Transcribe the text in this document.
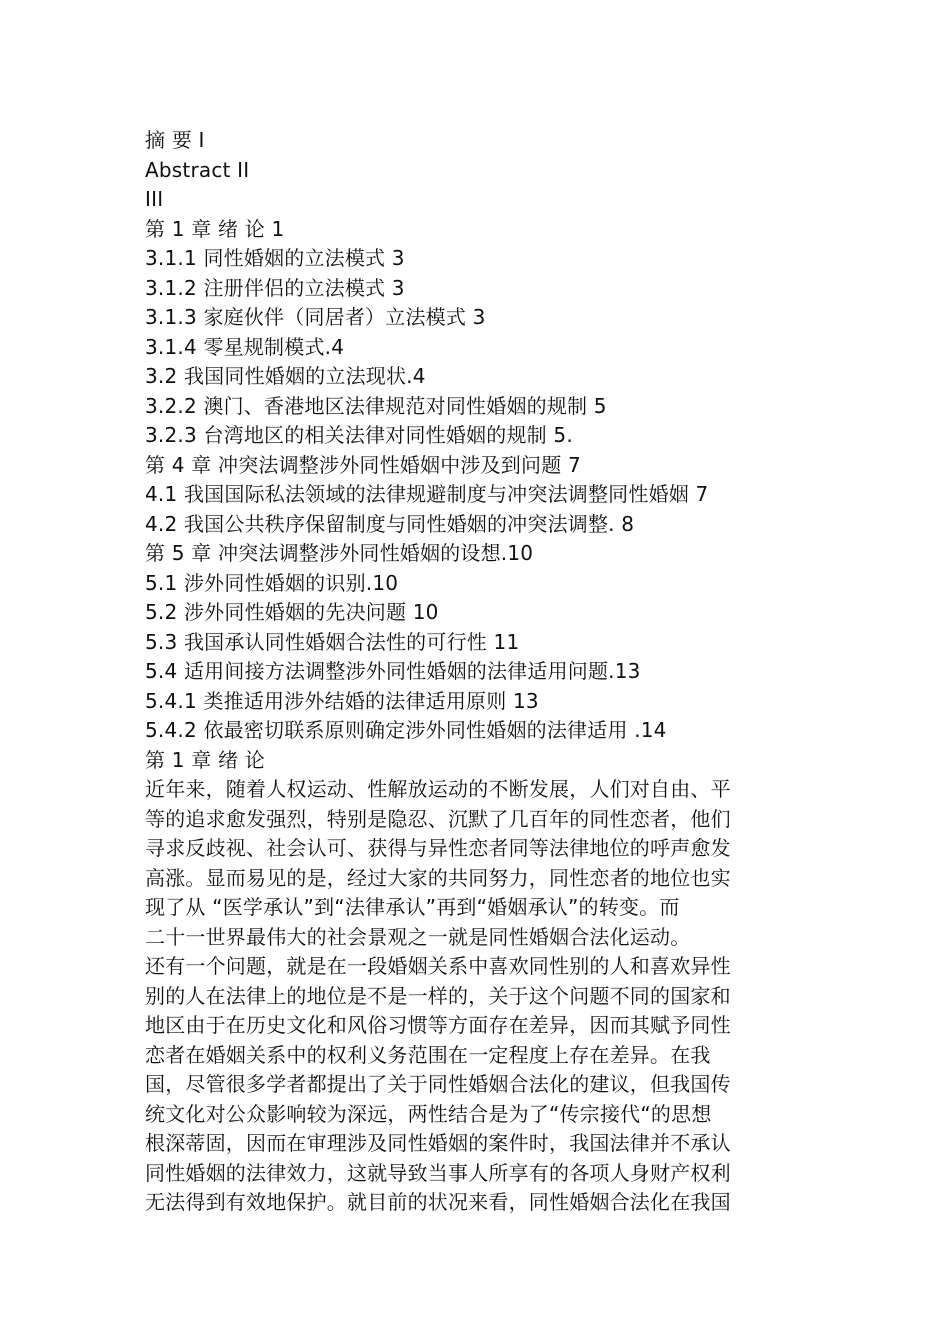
摘 要 I
Abstract II
III
第 1 章 绪 论 1
3.1.1 同性婚姻的立法模式 3
3.1.2 注册伴侣的立法模式 3
3.1.3 家庭伙伴（同居者）立法模式 3
3.1.4 零星规制模式.4
3.2 我国同性婚姻的立法现状.4
3.2.2 澳门、香港地区法律规范对同性婚姻的规制 5
3.2.3 台湾地区的相关法律对同性婚姻的规制 5.
第 4 章 冲突法调整涉外同性婚姻中涉及到问题 7
4.1 我国国际私法领域的法律规避制度与冲突法调整同性婚姻 7
4.2 我国公共秩序保留制度与同性婚姻的冲突法调整. 8
第 5 章 冲突法调整涉外同性婚姻的设想.10
5.1 涉外同性婚姻的识别.10
5.2 涉外同性婚姻的先决问题 10
5.3 我国承认同性婚姻合法性的可行性 11
5.4 适用间接方法调整涉外同性婚姻的法律适用问题.13
5.4.1 类推适用涉外结婚的法律适用原则 13
5.4.2 依最密切联系原则确定涉外同性婚姻的法律适用 .14
第 1 章 绪 论
近年来，随着人权运动、性解放运动的不断发展，人们对自由、平
等的追求愈发强烈，特别是隐忍、沉默了几百年的同性恋者，他们
寻求反歧视、社会认可、获得与异性恋者同等法律地位的呼声愈发
高涨。显而易见的是，经过大家的共同努力，同性恋者的地位也实
现了从 “医学承认”到“法律承认”再到“婚姻承认”的转变。而
二十一世界最伟大的社会景观之一就是同性婚姻合法化运动。
还有一个问题，就是在一段婚姻关系中喜欢同性别的人和喜欢异性
别的人在法律上的地位是不是一样的，关于这个问题不同的国家和
地区由于在历史文化和风俗习惯等方面存在差异，因而其赋予同性
恋者在婚姻关系中的权利义务范围在一定程度上存在差异。在我
国，尽管很多学者都提出了关于同性婚姻合法化的建议，但我国传
统文化对公众影响较为深远，两性结合是为了“传宗接代“的思想
根深蒂固，因而在审理涉及同性婚姻的案件时，我国法律并不承认
同性婚姻的法律效力，这就导致当事人所享有的各项人身财产权利
无法得到有效地保护。就目前的状况来看，同性婚姻合法化在我国
